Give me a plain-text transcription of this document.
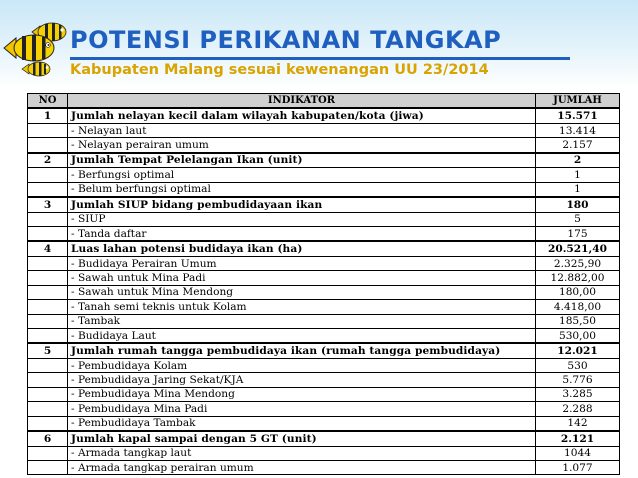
POTENSI PERIKANAN TANGKAP
Kabupaten Malang sesuai kewenangan UU 23/2014
NO	INDIKATOR	JUMLAH
1	Jumlah nelayan kecil dalam wilayah kabupaten/kota (jiwa)	15.571
	- Nelayan laut	13.414
	- Nelayan perairan umum	2.157
2	Jumlah Tempat Pelelangan Ikan (unit)	2
	- Berfungsi optimal	1
	- Belum berfungsi optimal	1
3	Jumlah SIUP bidang pembudidayaan ikan	180
	- SIUP	5
	- Tanda daftar	175
4	Luas lahan potensi budidaya ikan (ha)	20.521,40
	- Budidaya Perairan Umum	2.325,90
	- Sawah untuk Mina Padi	12.882,00
	- Sawah untuk Mina Mendong	180,00
	- Tanah semi teknis untuk Kolam	4.418,00
	- Tambak	185,50
	- Budidaya Laut	530,00
5	Jumlah rumah tangga pembudidaya ikan (rumah tangga pembudidaya)	12.021
	- Pembudidaya Kolam	530
	- Pembudidaya Jaring Sekat/KJA	5.776
	- Pembudidaya Mina Mendong	3.285
	- Pembudidaya Mina Padi	2.288
	- Pembudidaya Tambak	142
6	Jumlah kapal sampai dengan 5 GT (unit)	2.121
	- Armada tangkap laut	1044
	- Armada tangkap perairan umum	1.077
